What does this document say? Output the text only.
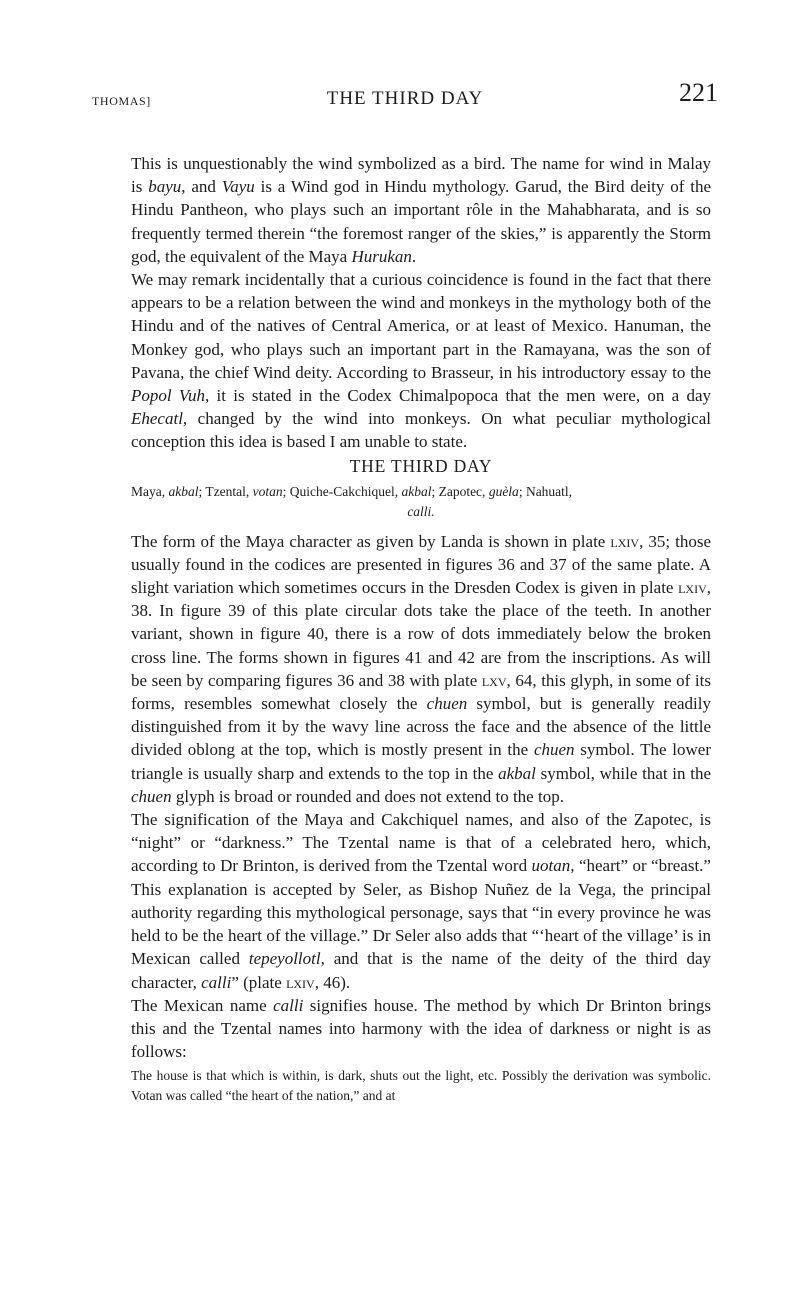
THOMAS]	THE THIRD DAY	221

This is unquestionably the wind symbolized as a bird. The name for wind in Malay is bayu, and Vayu is a Wind god in Hindu mythology. Garud, the Bird deity of the Hindu Pantheon, who plays such an important rôle in the Mahabharata, and is so frequently termed therein “the foremost ranger of the skies,” is apparently the Storm god, the equivalent of the Maya Hurukan.

We may remark incidentally that a curious coincidence is found in the fact that there appears to be a relation between the wind and monkeys in the mythology both of the Hindu and of the natives of Central America, or at least of Mexico. Hanuman, the Monkey god, who plays such an important part in the Ramayana, was the son of Pavana, the chief Wind deity. According to Brasseur, in his introductory essay to the Popol Vuh, it is stated in the Codex Chimalpopoca that the men were, on a day Ehecatl, changed by the wind into monkeys. On what peculiar mythological conception this idea is based I am unable to state.

THE THIRD DAY

Maya, akbal; Tzental, votan; Quiche-Cakchiquel, akbal; Zapotec, guèla; Nahuatl,
calli.

The form of the Maya character as given by Landa is shown in plate lxiv, 35; those usually found in the codices are presented in figures 36 and 37 of the same plate. A slight variation which sometimes occurs in the Dresden Codex is given in plate lxiv, 38. In figure 39 of this plate circular dots take the place of the teeth. In another variant, shown in figure 40, there is a row of dots immediately below the broken cross line. The forms shown in figures 41 and 42 are from the inscriptions. As will be seen by comparing figures 36 and 38 with plate lxv, 64, this glyph, in some of its forms, resembles somewhat closely the chuen symbol, but is generally readily distinguished from it by the wavy line across the face and the absence of the little divided oblong at the top, which is mostly present in the chuen symbol. The lower triangle is usually sharp and extends to the top in the akbal symbol, while that in the chuen glyph is broad or rounded and does not extend to the top.

The signification of the Maya and Cakchiquel names, and also of the Zapotec, is “night” or “darkness.” The Tzental name is that of a celebrated hero, which, according to Dr Brinton, is derived from the Tzental word uotan, “heart” or “breast.” This explanation is accepted by Seler, as Bishop Nuñez de la Vega, the principal authority regarding this mythological personage, says that “in every province he was held to be the heart of the village.” Dr Seler also adds that “‘heart of the village’ is in Mexican called tepeyollotl, and that is the name of the deity of the third day character, calli” (plate lxiv, 46).

The Mexican name calli signifies house. The method by which Dr Brinton brings this and the Tzental names into harmony with the idea of darkness or night is as follows:

The house is that which is within, is dark, shuts out the light, etc. Possibly the derivation was symbolic. Votan was called “the heart of the nation,” and at
